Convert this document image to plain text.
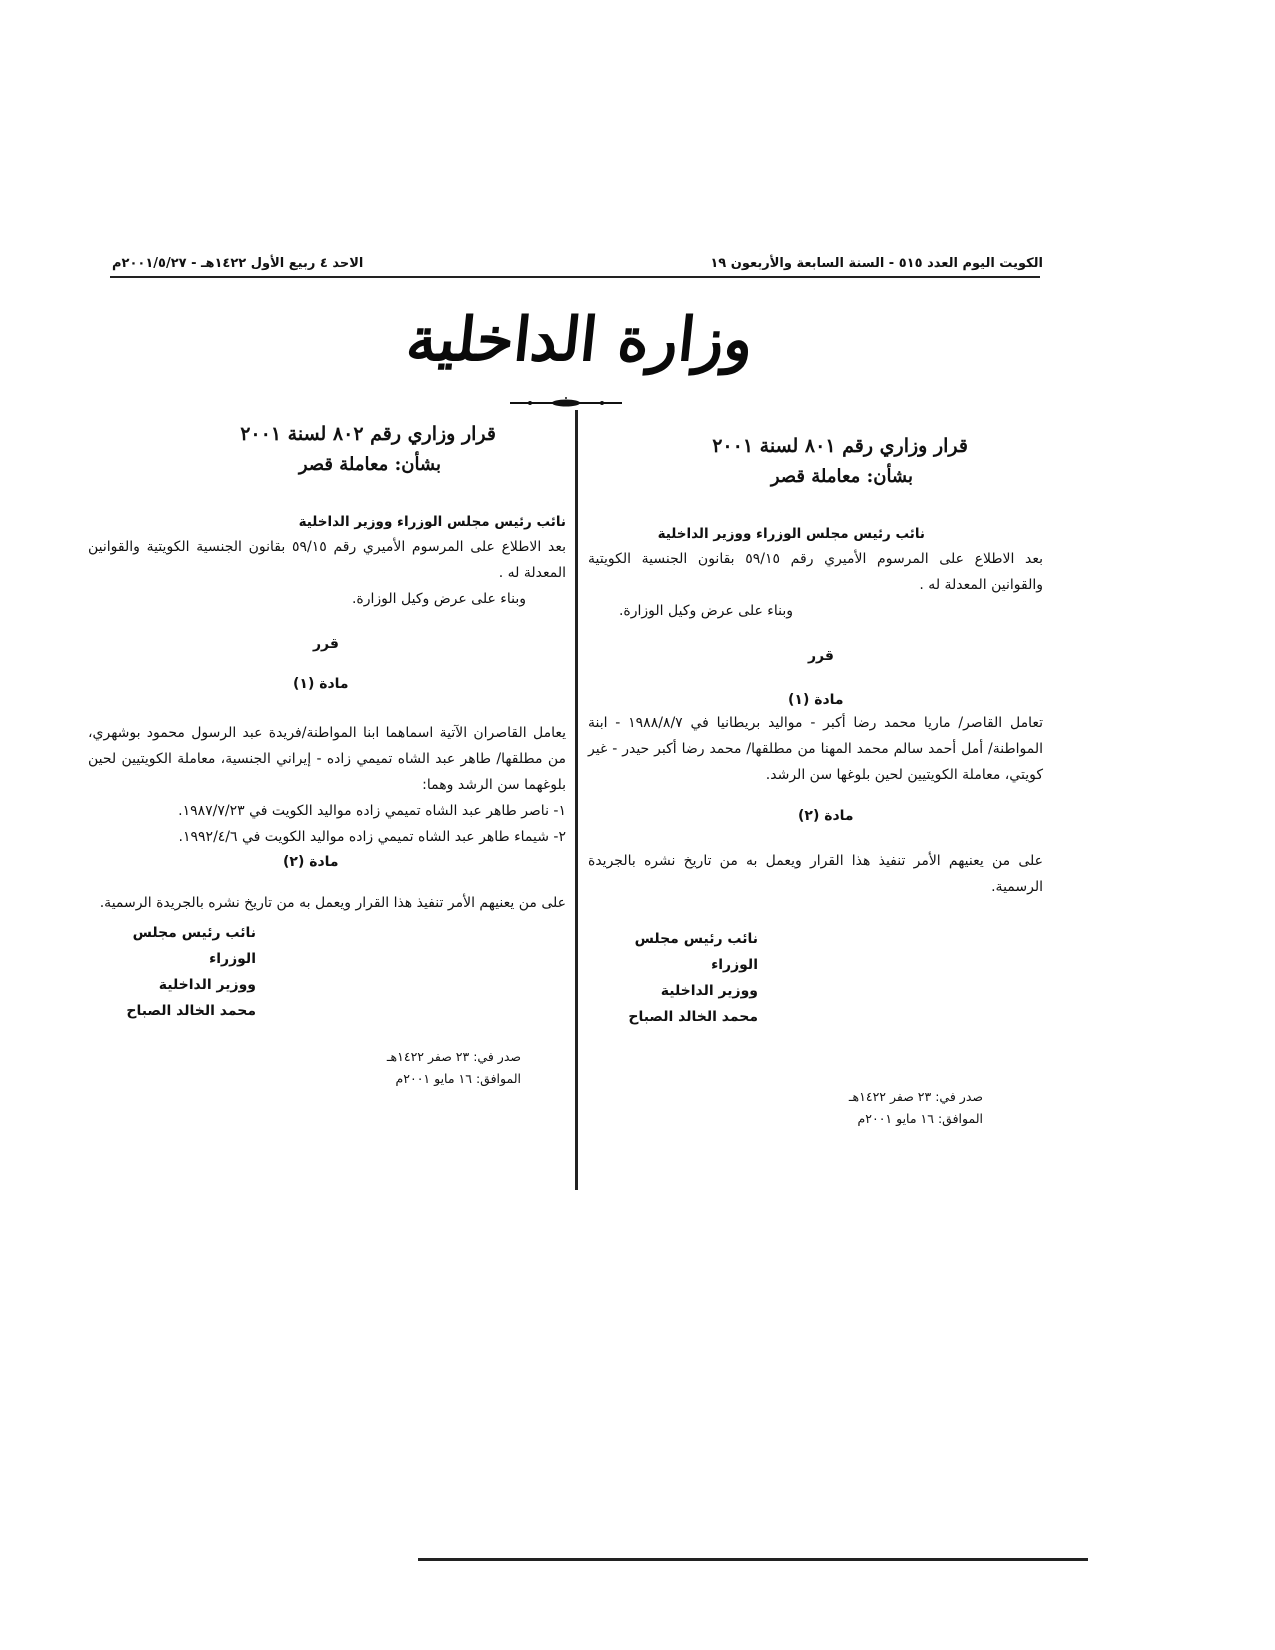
الكويت اليوم العدد ٥١٥ - السنة السابعة والأربعون ١٩
الاحد ٤ ربيع الأول ١٤٢٢هـ - ٢٠٠١/٥/٢٧م
وزارة الداخلية
قرار وزاري رقم ٨٠١ لسنة ٢٠٠١
بشأن: معاملة قصر
نائب رئيس مجلس الوزراء ووزير الداخلية
بعد الاطلاع على المرسوم الأميري رقم ٥٩/١٥ بقانون الجنسية الكويتية والقوانين المعدلة له .
وبناء على عرض وكيل الوزارة.
قرر
مادة (١)
تعامل القاصر/ ماريا محمد رضا أكبر - مواليد بريطانيا في ١٩٨٨/٨/٧ - ابنة المواطنة/ أمل أحمد سالم محمد المهنا من مطلقها/ محمد رضا أكبر حيدر - غير كويتي، معاملة الكويتيين لحين بلوغها سن الرشد.
مادة (٢)
على من يعنيهم الأمر تنفيذ هذا القرار ويعمل به من تاريخ نشره بالجريدة الرسمية.
نائب رئيس مجلس الوزراء
ووزير الداخلية
محمد الخالد الصباح
صدر في: ٢٣ صفر ١٤٢٢هـ
الموافق: ١٦ مايو ٢٠٠١م
قرار وزاري رقم ٨٠٢ لسنة ٢٠٠١
بشأن: معاملة قصر
نائب رئيس مجلس الوزراء ووزير الداخلية
بعد الاطلاع على المرسوم الأميري رقم ٥٩/١٥ بقانون الجنسية الكويتية والقوانين المعدلة له .
وبناء على عرض وكيل الوزارة.
قرر
مادة (١)
يعامل القاصران الآتية اسماهما ابنا المواطنة/فريدة عبد الرسول محمود بوشهري، من مطلقها/ طاهر عبد الشاه تميمي زاده - إيراني الجنسية، معاملة الكويتيين لحين بلوغهما سن الرشد وهما:
١- ناصر طاهر عبد الشاه تميمي زاده مواليد الكويت في ١٩٨٧/٧/٢٣.
٢- شيماء طاهر عبد الشاه تميمي زاده مواليد الكويت في ١٩٩٢/٤/٦.
مادة (٢)
على من يعنيهم الأمر تنفيذ هذا القرار ويعمل به من تاريخ نشره بالجريدة الرسمية.
نائب رئيس مجلس الوزراء
ووزير الداخلية
محمد الخالد الصباح
صدر في: ٢٣ صفر ١٤٢٢هـ
الموافق: ١٦ مايو ٢٠٠١م
